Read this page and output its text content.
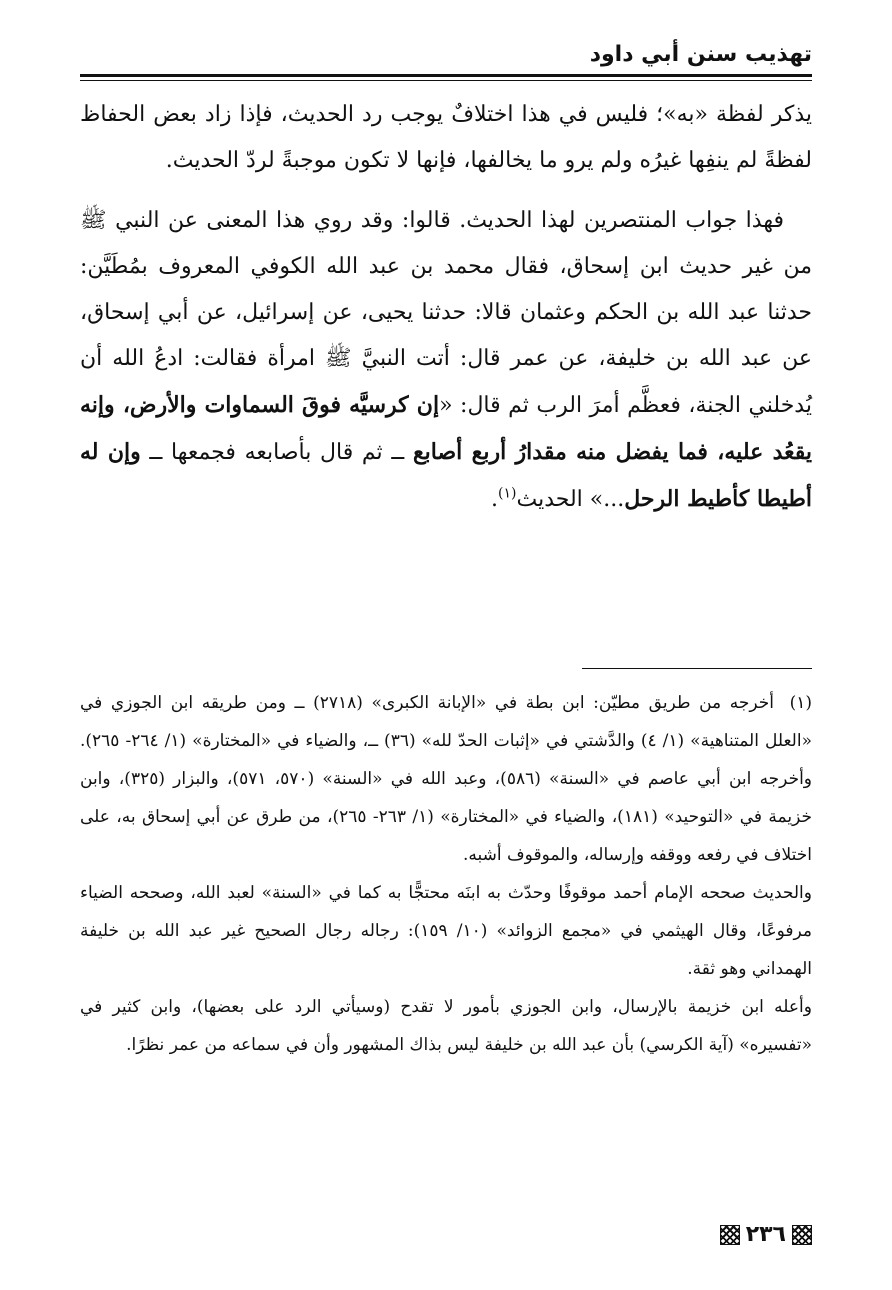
تهذيب سنن أبي داود

يذكر لفظة «به»؛ فليس في هذا اختلافٌ يوجب رد الحديث، فإذا زاد بعض الحفاظ لفظةً لم ينفِها غيرُه ولم يرو ما يخالفها، فإنها لا تكون موجبةً لردّ الحديث.

فهذا جواب المنتصرين لهذا الحديث. قالوا: وقد روي هذا المعنى عن النبي ﷺ من غير حديث ابن إسحاق، فقال محمد بن عبد الله الكوفي المعروف بمُطَيَّن: حدثنا عبد الله بن الحكم وعثمان قالا: حدثنا يحيى، عن إسرائيل، عن أبي إسحاق، عن عبد الله بن خليفة، عن عمر قال: أتت النبيَّ ﷺ امرأة فقالت: ادعُ الله أن يُدخلني الجنة، فعظَّم أمرَ الرب ثم قال: «إن كرسيَّه فوقَ السماوات والأرض، وإنه يقعُد عليه، فما يفضل منه مقدارُ أربع أصابع ــ ثم قال بأصابعه فجمعها ــ وإن له أطيطا كأطيط الرحل...» الحديث$^{(١)}$.

(١)أخرجه من طريق مطيّن: ابن بطة في «الإبانة الكبرى» (٢٧١٨) ــ ومن طريقه ابن الجوزي في «العلل المتناهية» (١/ ٤) والدَّشتي في «إثبات الحدّ لله» (٣٦) ــ، والضياء في «المختارة» (١/ ٢٦٤- ٢٦٥). وأخرجه ابن أبي عاصم في «السنة» (٥٨٦)، وعبد الله في «السنة» (٥٧٠، ٥٧١)، والبزار (٣٢٥)، وابن خزيمة في «التوحيد» (١٨١)، والضياء في «المختارة» (١/ ٢٦٣- ٢٦٥)، من طرق عن أبي إسحاق به، على اختلاف في رفعه ووقفه وإرساله، والموقوف أشبه.

والحديث صححه الإمام أحمد موقوفًا وحدّث به ابنَه محتجًّا به كما في «السنة» لعبد الله، وصححه الضياء مرفوعًا، وقال الهيثمي في «مجمع الزوائد» (١٠/ ١٥٩): رجاله رجال الصحيح غير عبد الله بن خليفة الهمداني وهو ثقة.

وأعله ابن خزيمة بالإرسال، وابن الجوزي بأمور لا تقدح (وسيأتي الرد على بعضها)، وابن كثير في «تفسيره» (آية الكرسي) بأن عبد الله بن خليفة ليس بذاك المشهور وأن في سماعه من عمر نظرًا.

٢٣٦
